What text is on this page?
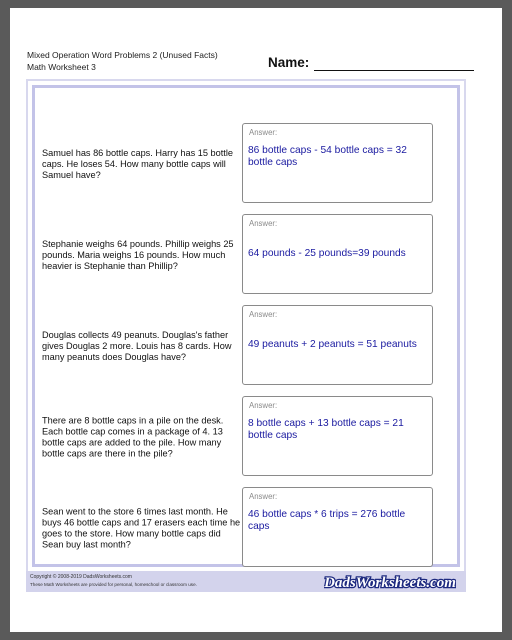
Mixed Operation Word Problems 2 (Unused Facts)
Math Worksheet 3	Name:
Samuel has 86 bottle caps. Harry has 15 bottle caps. He loses 54. How many bottle caps will Samuel have?
Answer:
86 bottle caps - 54 bottle caps = 32 bottle caps
Stephanie weighs 64 pounds. Phillip weighs 25 pounds. Maria weighs 16 pounds. How much heavier is Stephanie than Phillip?
Answer:
64 pounds - 25 pounds=39 pounds
Douglas collects 49 peanuts. Douglas's father gives Douglas 2 more. Louis has 8 cards. How many peanuts does Douglas have?
Answer:
49 peanuts + 2 peanuts = 51 peanuts
There are 8 bottle caps in a pile on the desk. Each bottle cap comes in a package of 4. 13 bottle caps are added to the pile. How many bottle caps are there in the pile?
Answer:
8 bottle caps + 13 bottle caps = 21 bottle caps
Sean went to the store 6 times last month. He buys 46 bottle caps and 17 erasers each time he goes to the store. How many bottle caps did Sean buy last month?
Answer:
46 bottle caps * 6 trips = 276 bottle caps
Copyright © 2008-2019 DadsWorksheets.com
These Math Worksheets are provided for personal, homeschool or classroom use.	DadsWorksheets.com
